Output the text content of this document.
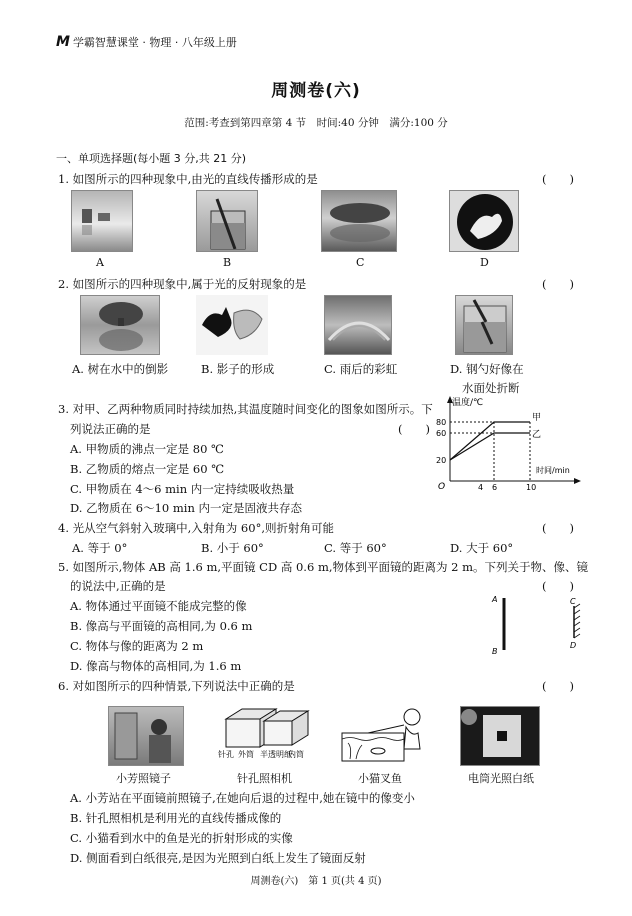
M 学霸智慧课堂 · 物理 · 八年级上册
周测卷(六)
范围:考查到第四章第 4 节　时间:40 分钟　满分:100 分
一、单项选择题(每小题 3 分,共 21 分)
1. 如图所示的四种现象中,由光的直线传播形成的是	(　　)
A	B	C	D
2. 如图所示的四种现象中,属于光的反射现象的是	(　　)
A. 树在水中的倒影	B. 影子的形成	C. 雨后的彩虹	D. 钢勺好像在
水面处折断
3. 对甲、乙两种物质同时持续加热,其温度随时间变化的图象如图所示。下
列说法正确的是	(　　)
A. 甲物质的沸点一定是 80 ℃
B. 乙物质的熔点一定是 60 ℃
C. 甲物质在 4～6 min 内一定持续吸收热量
D. 乙物质在 6～10 min 内一定是固液共存态
温度/℃
时间/min
O
80
60
20
4 6	10
甲
乙
4. 光从空气斜射入玻璃中,入射角为 60°,则折射角可能	(　　)
A. 等于 0°	B. 小于 60°	C. 等于 60°	D. 大于 60°
5. 如图所示,物体 AB 高 1.6 m,平面镜 CD 高 0.6 m,物体到平面镜的距离为 2 m。下列关于物、像、镜
的说法中,正确的是	(　　)
A. 物体通过平面镜不能成完整的像
B. 像高与平面镜的高相同,为 0.6 m
C. 物体与像的距离为 2 m
D. 像高与物体的高相同,为 1.6 m
A
B
C
D
6. 对如图所示的四种情景,下列说法中正确的是	(　　)
针孔 外筒 半透明纸
内筒
小芳照镜子	针孔照相机	小猫叉鱼	电筒光照白纸
A. 小芳站在平面镜前照镜子,在她向后退的过程中,她在镜中的像变小
B. 针孔照相机是利用光的直线传播成像的
C. 小猫看到水中的鱼是光的折射形成的实像
D. 侧面看到白纸很亮,是因为光照到白纸上发生了镜面反射
周测卷(六)　第 1 页(共 4 页)
